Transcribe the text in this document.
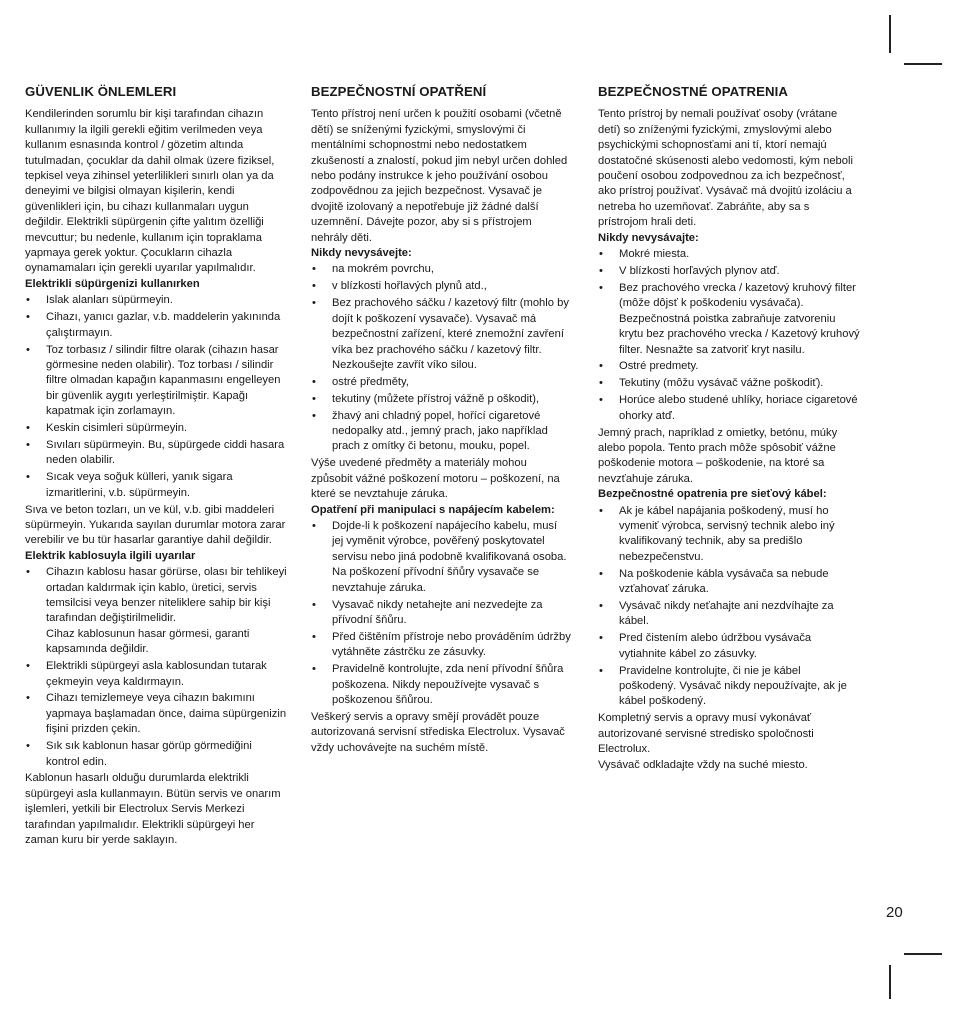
GÜVENLIK ÖNLEMLERI

Kendilerinden sorumlu bir kişi tarafından cihazın kullanımıy la ilgili gerekli eğitim verilmeden veya kullanım esnasında kontrol / gözetim altında tutulmadan, çocuklar da dahil olmak üzere fiziksel, tepkisel veya zihinsel yeterlilikleri sınırlı olan ya da deneyimi ve bilgisi olmayan kişilerin, kendi güvenlikleri için, bu cihazı kullanmaları uygun değildir. Elektrikli süpürgenin çifte yalıtım özelliği mevcuttur; bu nedenle, kullanım için topraklama yapmaya gerek yoktur. Çocukların cihazla oynamamaları için gerekli uyarılar yapılmalıdır.

Elektrikli süpürgenizi kullanırken

• Islak alanları süpürmeyin.
• Cihazı, yanıcı gazlar, v.b. maddelerin yakınında çalıştırmayın.
• Toz torbasız / silindir filtre olarak (cihazın hasar görmesine neden olabilir). Toz torbası / silindir filtre olmadan kapağın kapanmasını engelleyen bir güvenlik aygıtı yerleştirilmiştir. Kapağı kapatmak için zorlamayın.
• Keskin cisimleri süpürmeyin.
• Sıvıları süpürmeyin. Bu, süpürgede ciddi hasara neden olabilir.
• Sıcak veya soğuk külleri, yanık sigara izmaritlerini, v.b. süpürmeyin.

Sıva ve beton tozları, un ve kül, v.b. gibi maddeleri süpürmeyin. Yukarıda sayılan durumlar motora zarar verebilir ve bu tür hasarlar garantiye dahil değildir.

Elektrik kablosuyla ilgili uyarılar

• Cihazın kablosu hasar görürse, olası bir tehlikeyi ortadan kaldırmak için kablo, üretici, servis temsilcisi veya benzer niteliklere sahip bir kişi tarafından değiştirilmelidir.
Cihaz kablosunun hasar görmesi, garanti kapsamında değildir.
• Elektrikli süpürgeyi asla kablosundan tutarak çekmeyin veya kaldırmayın.
• Cihazı temizlemeye veya cihazın bakımını yapmaya başlamadan önce, daima süpürgenizin fişini prizden çekin.
• Sık sık kablonun hasar görüp görmediğini kontrol edin.

Kablonun hasarlı olduğu durumlarda elektrikli süpürgeyi asla kullanmayın. Bütün servis ve onarım işlemleri, yetkili bir Electrolux Servis Merkezi tarafından yapılmalıdır. Elektrikli süpürgeyi her zaman kuru bir yerde saklayın.

BEZPEČNOSTNÍ OPATŘENÍ

Tento přístroj není určen k použití osobami (včetně dětí) se sníženými fyzickými, smyslovými či mentálními schopnostmi nebo nedostatkem zkušeností a znalostí, pokud jim nebyl určen dohled nebo podány instrukce k jeho používání osobou zodpovědnou za jejich bezpečnost. Vysavač je dvojitě izolovaný a nepotřebuje již žádné další uzemnění. Dávejte pozor, aby si s přístrojem nehrály děti.

Nikdy nevysávejte:

• na mokrém povrchu,
• v blízkosti hořlavých plynů atd.,
• Bez prachového sáčku / kazetový filtr (mohlo by dojít k poškození vysavače). Vysavač má bezpečnostní zařízení, které znemožní zavření víka bez prachového sáčku / kazetový filtr.
Nezkoušejte zavřít víko silou.
• ostré předměty,
• tekutiny (můžete přístroj vážně p oškodit),
• žhavý ani chladný popel, hořící cigaretové nedopalky atd., jemný prach, jako například prach z omítky či betonu, mouku, popel.

Výše uvedené předměty a materiály mohou způsobit vážné poškození motoru – poškození, na které se nevztahuje záruka.

Opatření při manipulaci s napájecím kabelem:

• Dojde-li k poškození napájecího kabelu, musí jej vyměnit výrobce, pověřený poskytovatel servisu nebo jiná podobně kvalifikovaná osoba.
Na poškození přívodní šňůry vysavače se nevztahuje záruka.
• Vysavač nikdy netahejte ani nezvedejte za přívodní šňůru.
• Před čištěním přístroje nebo prováděním údržby vytáhněte zástrčku ze zásuvky.
• Pravidelně kontrolujte, zda není přívodní šňůra poškozena. Nikdy nepoužívejte vysavač s poškozenou šňůrou.

Veškerý servis a opravy smějí provádět pouze autorizovaná servisní střediska Electrolux. Vysavač vždy uchovávejte na suchém místě.

BEZPEČNOSTNÉ OPATRENIA

Tento prístroj by nemali používať osoby (vrátane detí) so zníženými fyzickými, zmyslovými alebo psychickými schopnosťami ani tí, ktorí nemajú dostatočné skúsenosti alebo vedomosti, kým neboli poučení osobou zodpovednou za ich bezpečnosť, ako prístroj používať. Vysávač má dvojitú izoláciu a netreba ho uzemňovať. Zabráňte, aby sa s prístrojom hrali deti.

Nikdy nevysávajte:

• Mokré miesta.
• V blízkosti horľavých plynov atď.
• Bez prachového vrecka / kazetový kruhový filter (môže dôjsť k poškodeniu vysávača). Bezpečnostná poistka zabraňuje zatvoreniu krytu bez prachového vrecka / Kazetový kruhový filter. Nesnažte sa zatvoriť kryt nasilu.
• Ostré predmety.
• Tekutiny (môžu vysávač vážne poškodiť).
• Horúce alebo studené uhlíky, horiace cigaretové ohorky atď.

Jemný prach, napríklad z omietky, betónu, múky alebo popola. Tento prach môže spôsobiť vážne poškodenie motora – poškodenie, na ktoré sa nevzťahuje záruka.

Bezpečnostné opatrenia pre sieťový kábel:

• Ak je kábel napájania poškodený, musí ho vymeniť výrobca, servisný technik alebo iný kvalifikovaný technik, aby sa predišlo nebezpečenstvu.
• Na poškodenie kábla vysávača sa nebude vzťahovať záruka.
• Vysávač nikdy neťahajte ani nezdvíhajte za kábel.
• Pred čistením alebo údržbou vysávača vytiahnite kábel zo zásuvky.
• Pravidelne kontrolujte, či nie je kábel poškodený. Vysávač nikdy nepoužívajte, ak je kábel poškodený.

Kompletný servis a opravy musí vykonávať autorizované servisné stredisko spoločnosti Electrolux.

Vysávač odkladajte vždy na suché miesto.

20
